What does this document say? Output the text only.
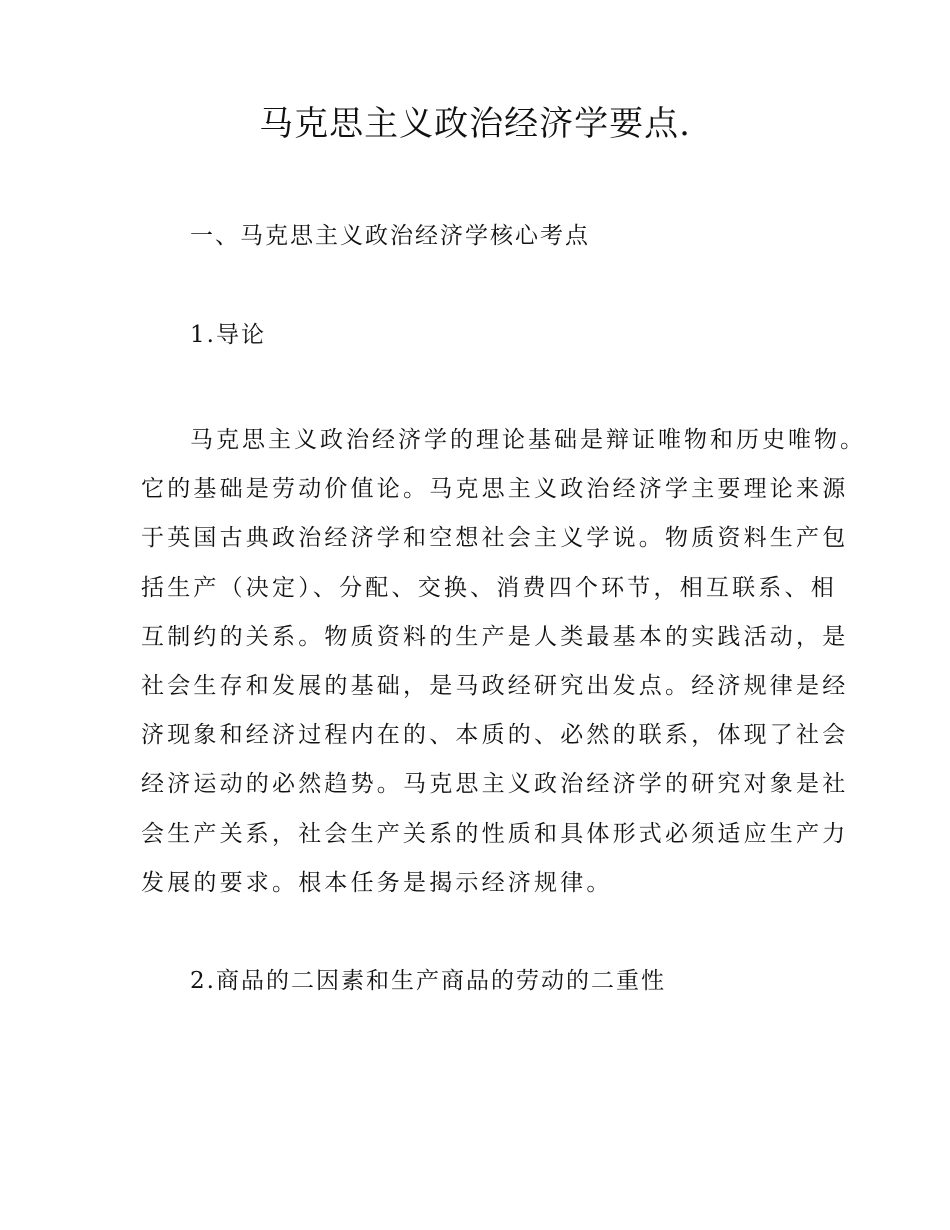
马克思主义政治经济学要点.
一、马克思主义政治经济学核心考点
1.导论
马克思主义政治经济学的理论基础是辩证唯物和历史唯物。
它的基础是劳动价值论。马克思主义政治经济学主要理论来源
于英国古典政治经济学和空想社会主义学说。物质资料生产包
括生产（决定）、分配、交换、消费四个环节，相互联系、相
互制约的关系。物质资料的生产是人类最基本的实践活动，是
社会生存和发展的基础，是马政经研究出发点。经济规律是经
济现象和经济过程内在的、本质的、必然的联系，体现了社会
经济运动的必然趋势。马克思主义政治经济学的研究对象是社
会生产关系，社会生产关系的性质和具体形式必须适应生产力
发展的要求。根本任务是揭示经济规律。
2.商品的二因素和生产商品的劳动的二重性
